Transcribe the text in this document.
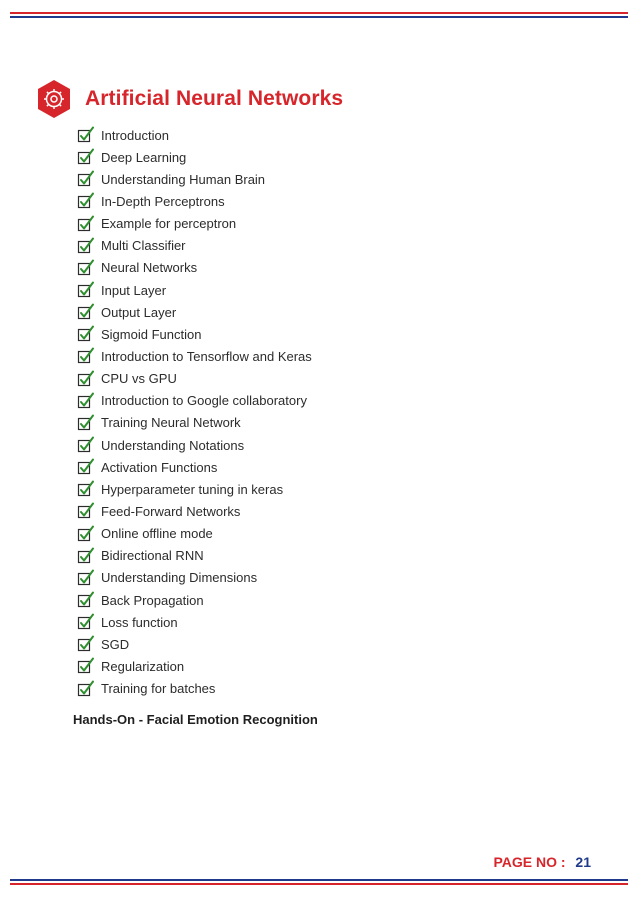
Artificial Neural Networks
Introduction
Deep Learning
Understanding Human Brain
In-Depth Perceptrons
Example for perceptron
Multi Classifier
Neural Networks
Input Layer
Output Layer
Sigmoid Function
Introduction to Tensorflow and Keras
CPU vs GPU
Introduction to Google collaboratory
Training Neural Network
Understanding Notations
Activation Functions
Hyperparameter tuning in keras
Feed-Forward Networks
Online offline mode
Bidirectional RNN
Understanding Dimensions
Back Propagation
Loss function
SGD
Regularization
Training for batches
Hands-On - Facial Emotion Recognition
PAGE NO : 21
